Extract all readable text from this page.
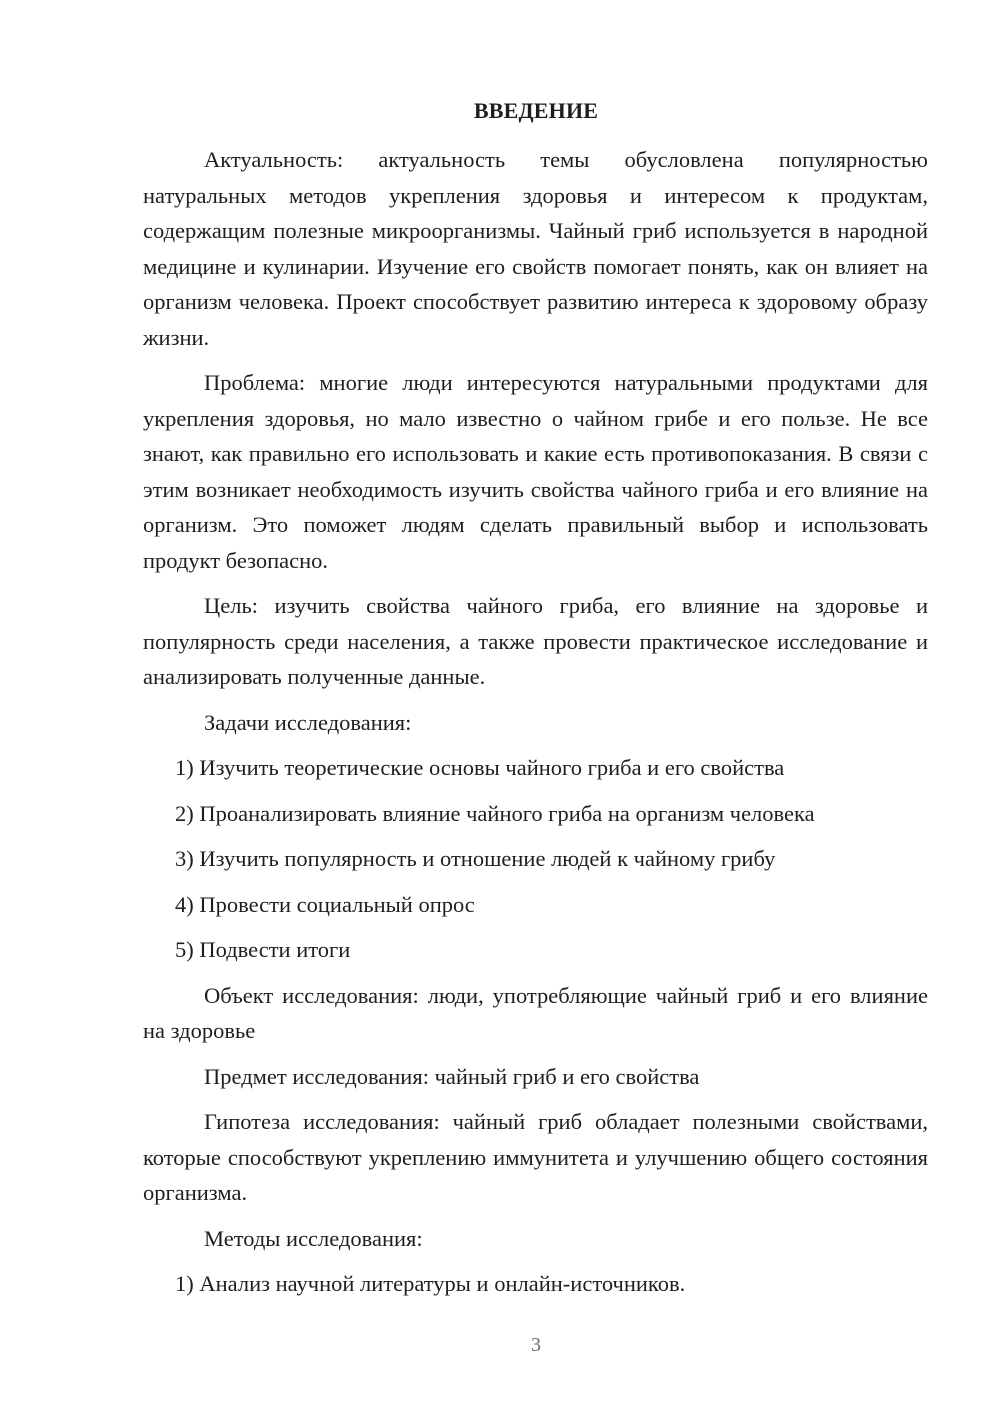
ВВЕДЕНИЕ

Актуальность: актуальность темы обусловлена популярностью натуральных методов укрепления здоровья и интересом к продуктам, содержащим полезные микроорганизмы. Чайный гриб используется в народной медицине и кулинарии. Изучение его свойств помогает понять, как он влияет на организм человека. Проект способствует развитию интереса к здоровому образу жизни.

Проблема: многие люди интересуются натуральными продуктами для укрепления здоровья, но мало известно о чайном грибе и его пользе. Не все знают, как правильно его использовать и какие есть противопоказания. В связи с этим возникает необходимость изучить свойства чайного гриба и его влияние на организм. Это поможет людям сделать правильный выбор и использовать продукт безопасно.

Цель: изучить свойства чайного гриба, его влияние на здоровье и популярность среди населения, а также провести практическое исследование и анализировать полученные данные.

Задачи исследования:

1) Изучить теоретические основы чайного гриба и его свойства

2) Проанализировать влияние чайного гриба на организм человека

3) Изучить популярность и отношение людей к чайному грибу

4) Провести социальный опрос

5) Подвести итоги

Объект исследования: люди, употребляющие чайный гриб и его влияние на здоровье

Предмет исследования: чайный гриб и его свойства

Гипотеза исследования: чайный гриб обладает полезными свойствами, которые способствуют укреплению иммунитета и улучшению общего состояния организма.

Методы исследования:

1) Анализ научной литературы и онлайн-источников.

3
